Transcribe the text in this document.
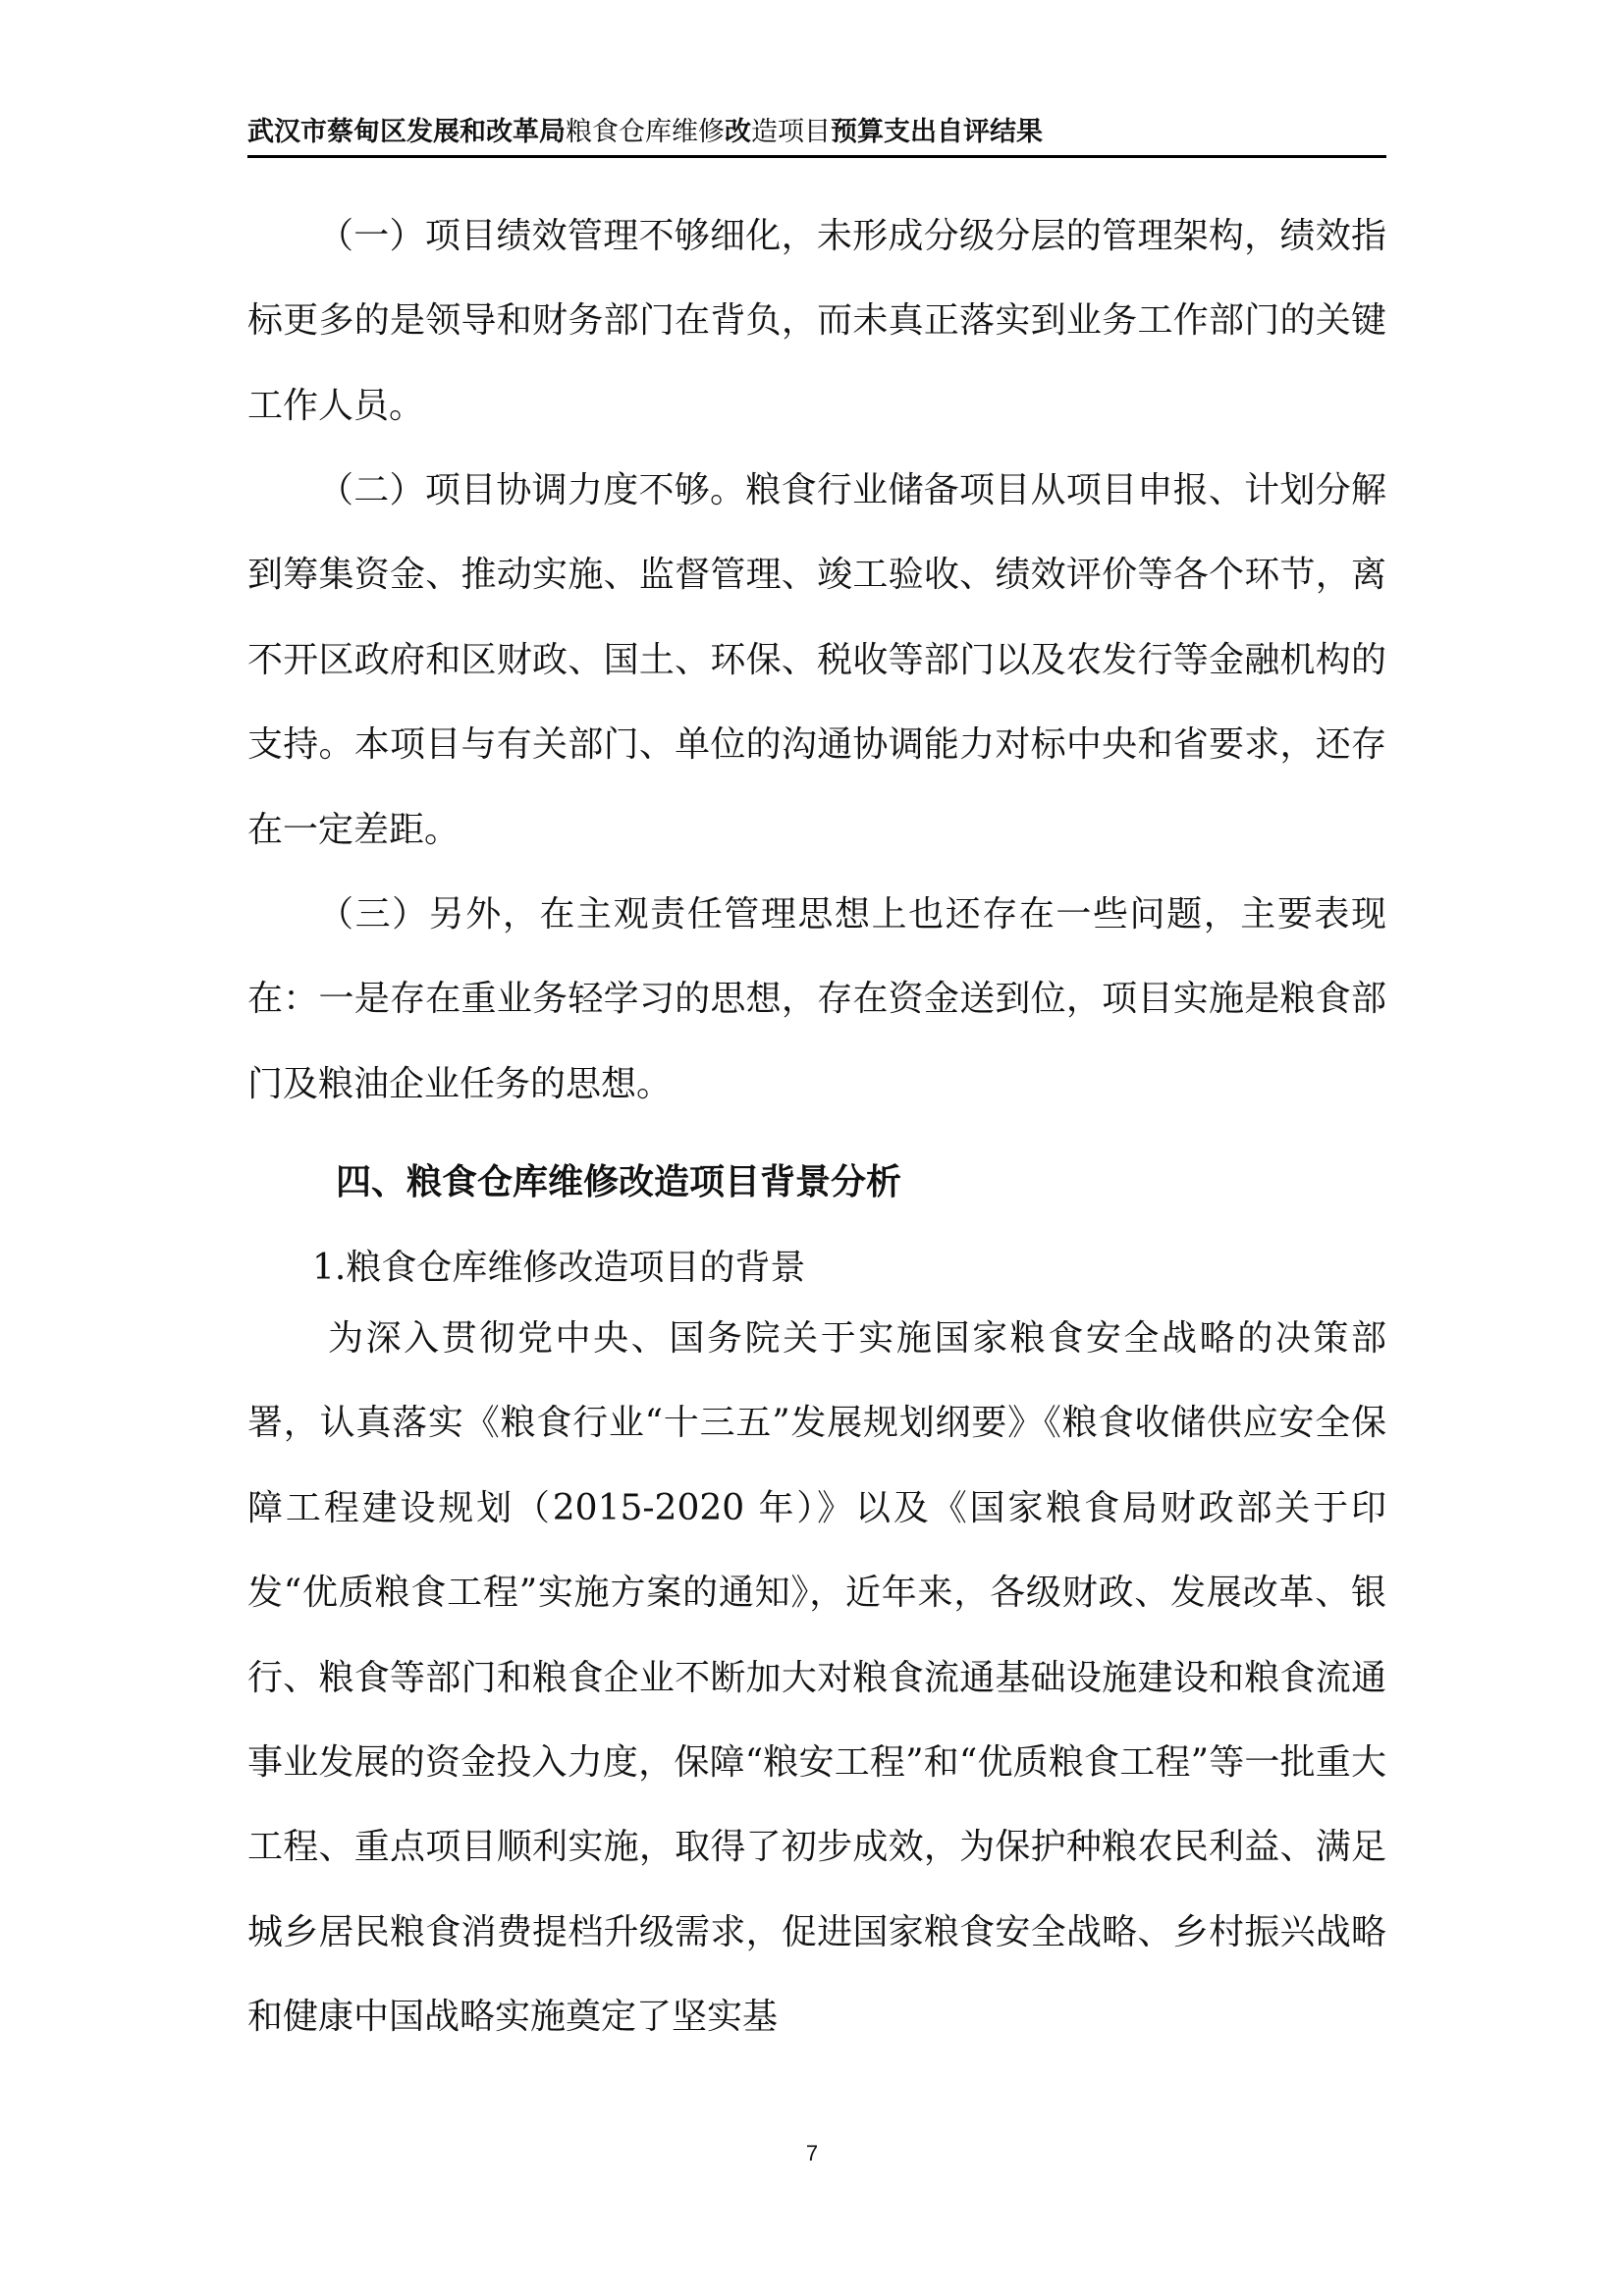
武汉市蔡甸区发展和改革局粮食仓库维修改造项目预算支出自评结果

（一）项目绩效管理不够细化，未形成分级分层的管理架构，绩效指标更多的是领导和财务部门在背负，而未真正落实到业务工作部门的关键工作人员。

（二）项目协调力度不够。粮食行业储备项目从项目申报、计划分解到筹集资金、推动实施、监督管理、竣工验收、绩效评价等各个环节，离不开区政府和区财政、国土、环保、税收等部门以及农发行等金融机构的支持。本项目与有关部门、单位的沟通协调能力对标中央和省要求，还存在一定差距。

（三）另外，在主观责任管理思想上也还存在一些问题，主要表现在：一是存在重业务轻学习的思想，存在资金送到位，项目实施是粮食部门及粮油企业任务的思想。

四、粮食仓库维修改造项目背景分析

1.粮食仓库维修改造项目的背景

为深入贯彻党中央、国务院关于实施国家粮食安全战略的决策部署，认真落实《粮食行业“十三五”发展规划纲要》《粮食收储供应安全保障工程建设规划（2015-2020 年）》以及《国家粮食局财政部关于印发“优质粮食工程”实施方案的通知》，近年来，各级财政、发展改革、银行、粮食等部门和粮食企业不断加大对粮食流通基础设施建设和粮食流通事业发展的资金投入力度，保障“粮安工程”和“优质粮食工程”等一批重大工程、重点项目顺利实施，取得了初步成效，为保护种粮农民利益、满足城乡居民粮食消费提档升级需求，促进国家粮食安全战略、乡村振兴战略和健康中国战略实施奠定了坚实基

7
